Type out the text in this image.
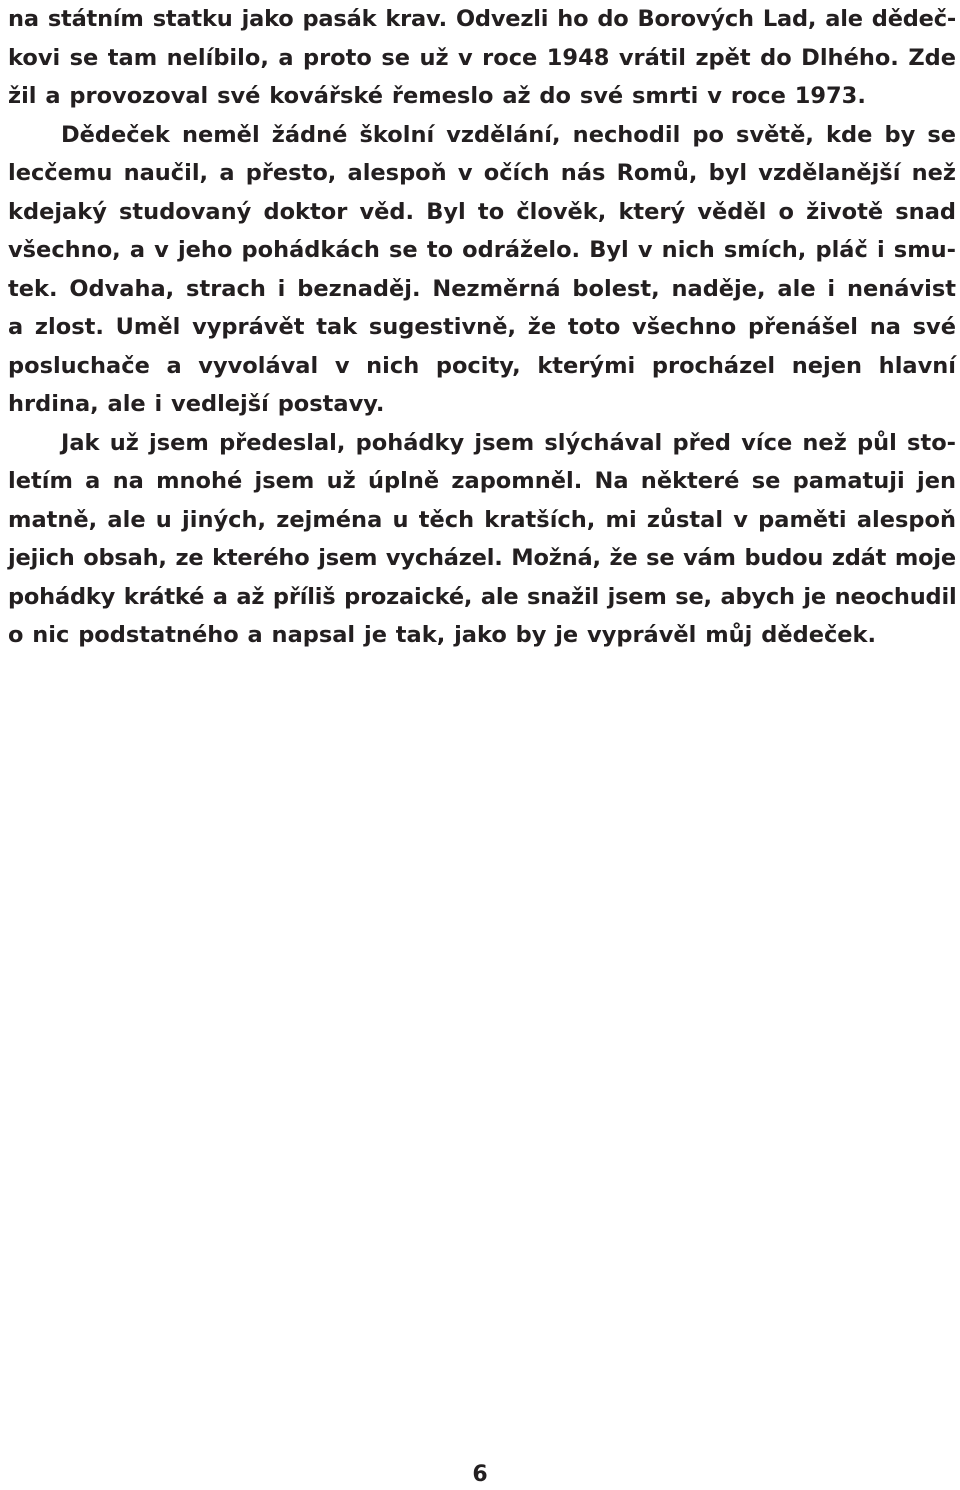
na státním statku jako pasák krav. Odvezli ho do Borových Lad, ale dědeč-
kovi se tam nelíbilo, a proto se už v roce 1948 vrátil zpět do Dlhého. Zde
žil a provozoval své kovářské řemeslo až do své smrti v roce 1973.
Dědeček neměl žádné školní vzdělání, nechodil po světě, kde by se
lecčemu naučil, a přesto, alespoň v očích nás Romů, byl vzdělanější než
kdejaký studovaný doktor věd. Byl to člověk, který věděl o životě snad
všechno, a v jeho pohádkách se to odráželo. Byl v nich smích, pláč i smu-
tek. Odvaha, strach i beznaděj. Nezměrná bolest, naděje, ale i nenávist
a zlost. Uměl vyprávět tak sugestivně, že toto všechno přenášel na své
posluchače a vyvolával v nich pocity, kterými procházel nejen hlavní
hrdina, ale i vedlejší postavy.
Jak už jsem předeslal, pohádky jsem slýchával před více než půl sto-
letím a na mnohé jsem už úplně zapomněl. Na některé se pamatuji jen
matně, ale u jiných, zejména u těch kratších, mi zůstal v paměti alespoň
jejich obsah, ze kterého jsem vycházel. Možná, že se vám budou zdát moje
pohádky krátké a až příliš prozaické, ale snažil jsem se, abych je neochudil
o nic podstatného a napsal je tak, jako by je vyprávěl můj dědeček.
6
